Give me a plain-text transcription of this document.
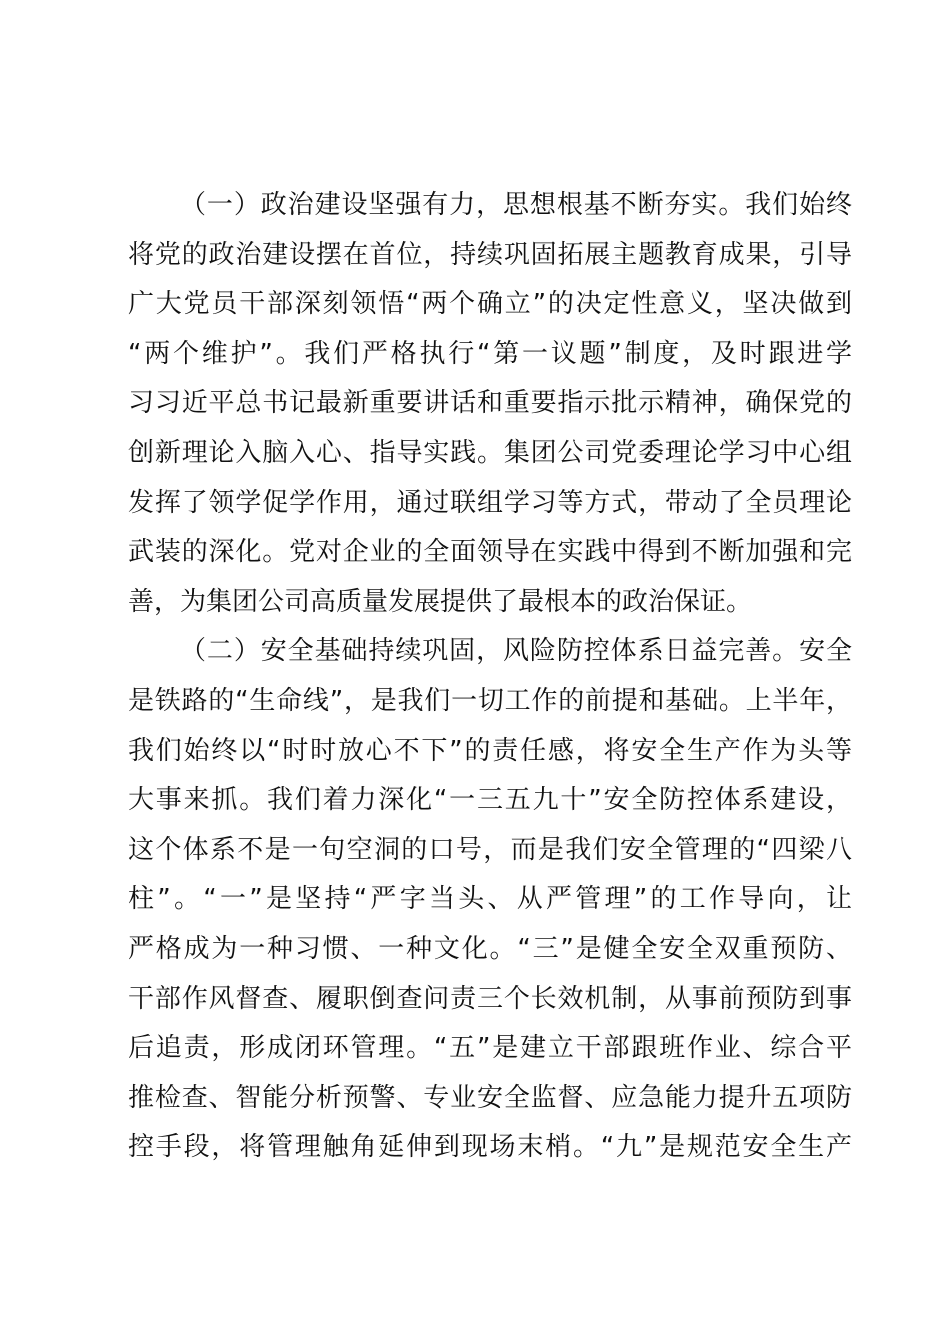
（一）政治建设坚强有力，思想根基不断夯实。我们始终
将党的政治建设摆在首位，持续巩固拓展主题教育成果，引导
广大党员干部深刻领悟“两个确立”的决定性意义，坚决做到
“两个维护”。我们严格执行“第一议题”制度，及时跟进学
习习近平总书记最新重要讲话和重要指示批示精神，确保党的
创新理论入脑入心、指导实践。集团公司党委理论学习中心组
发挥了领学促学作用，通过联组学习等方式，带动了全员理论
武装的深化。党对企业的全面领导在实践中得到不断加强和完
善，为集团公司高质量发展提供了最根本的政治保证。
（二）安全基础持续巩固，风险防控体系日益完善。安全
是铁路的“生命线”，是我们一切工作的前提和基础。上半年，
我们始终以“时时放心不下”的责任感，将安全生产作为头等
大事来抓。我们着力深化“一三五九十”安全防控体系建设，
这个体系不是一句空洞的口号，而是我们安全管理的“四梁八
柱”。“一”是坚持“严字当头、从严管理”的工作导向，让
严格成为一种习惯、一种文化。“三”是健全安全双重预防、
干部作风督查、履职倒查问责三个长效机制，从事前预防到事
后追责，形成闭环管理。“五”是建立干部跟班作业、综合平
推检查、智能分析预警、专业安全监督、应急能力提升五项防
控手段，将管理触角延伸到现场末梢。“九”是规范安全生产
